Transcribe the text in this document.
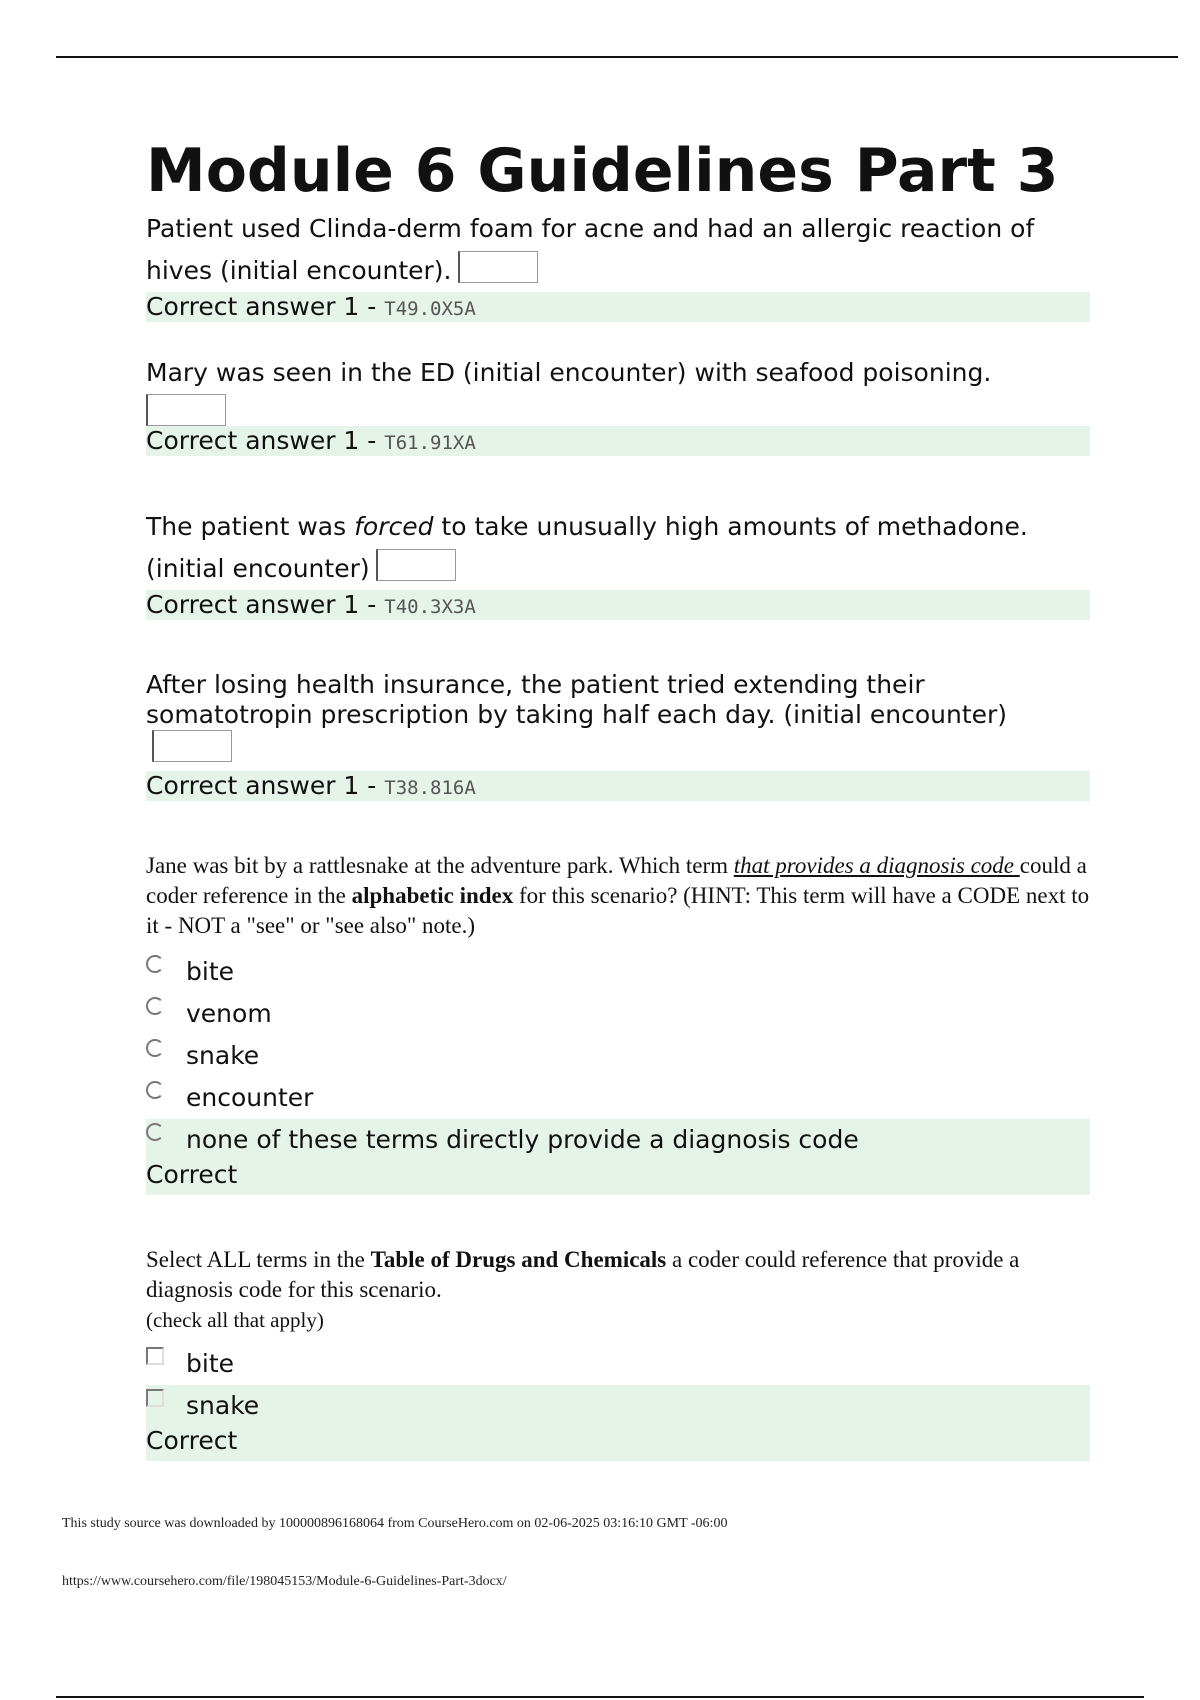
Module 6 Guidelines Part 3

Patient used Clinda-derm foam for acne and had an allergic reaction of hives (initial encounter).

Correct answer 1 - T49.0X5A

Mary was seen in the ED (initial encounter) with seafood poisoning.

Correct answer 1 - T61.91XA

The patient was forced to take unusually high amounts of methadone. (initial encounter)

Correct answer 1 - T40.3X3A

After losing health insurance, the patient tried extending their somatotropin prescription by taking half each day. (initial encounter)

Correct answer 1 - T38.816A

Jane was bit by a rattlesnake at the adventure park. Which term that provides a diagnosis code could a coder reference in the alphabetic index for this scenario? (HINT: This term will have a CODE next to it - NOT a "see" or "see also" note.)

bite
venom
snake
encounter
none of these terms directly provide a diagnosis code
Correct

Select ALL terms in the Table of Drugs and Chemicals a coder could reference that provide a diagnosis code for this scenario.

(check all that apply)

bite
snake
Correct
This study source was downloaded by 100000896168064 from CourseHero.com on 02-06-2025 03:16:10 GMT -06:00
https://www.coursehero.com/file/198045153/Module-6-Guidelines-Part-3docx/
